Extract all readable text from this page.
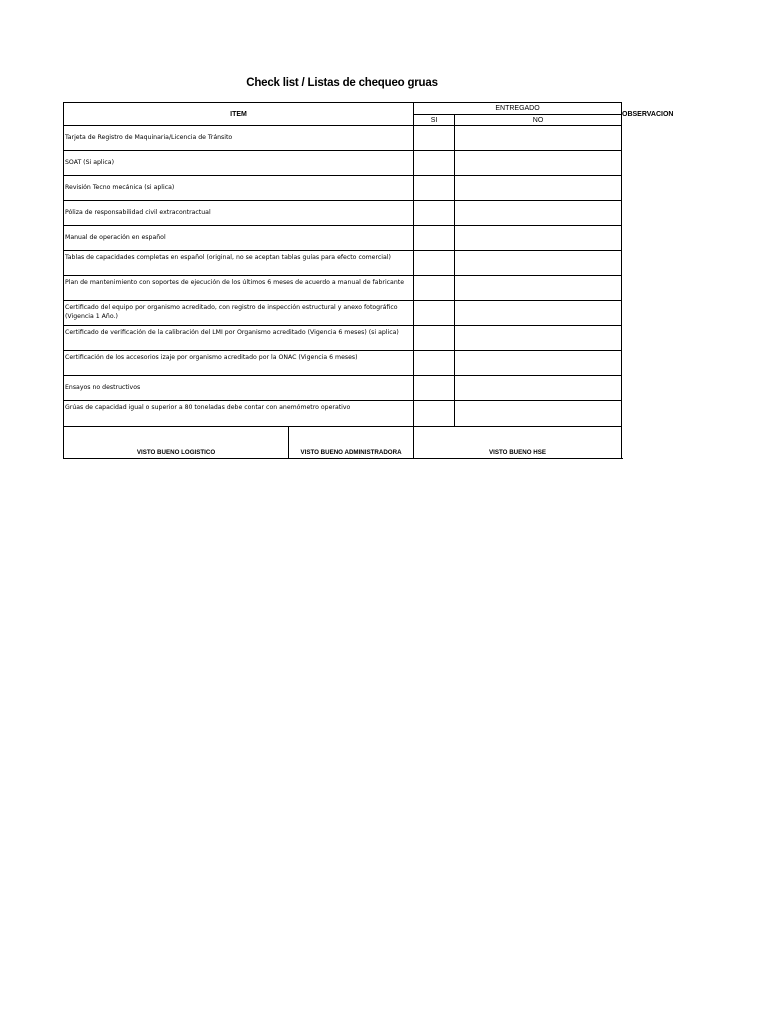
Check list / Listas de chequeo gruas
ITEM		ENTREGADO		OBSERVACION
		SI	NO	
Tarjeta de Registro de Maquinaria/Licencia de Tránsito				
SOAT (Si aplica)				
Revisión Tecno mecánica (si aplica)				
Póliza de responsabilidad civil extracontractual				
Manual de operación en español				
Tablas de capacidades completas en español (original, no se aceptan tablas guías para efecto comercial)				
Plan de mantenimiento con soportes de ejecución de los últimos 6 meses de acuerdo a manual de fabricante				
Certificado del equipo por organismo acreditado, con registro de inspección estructural y anexo fotográfico (Vigencia 1 Año.)				
Certificado de verificación de la calibración del LMI por Organismo acreditado (Vigencia 6 meses) (si aplica)				
Certificación de los accesorios izaje por organismo acreditado por la ONAC (Vigencia 6 meses)				
Ensayos no destructivos				
Grúas de capacidad igual o superior a 80 toneladas debe contar con anemómetro operativo				
VISTO BUENO LOGISTICO	VISTO BUENO ADMINISTRADORA	VISTO BUENO HSE		
